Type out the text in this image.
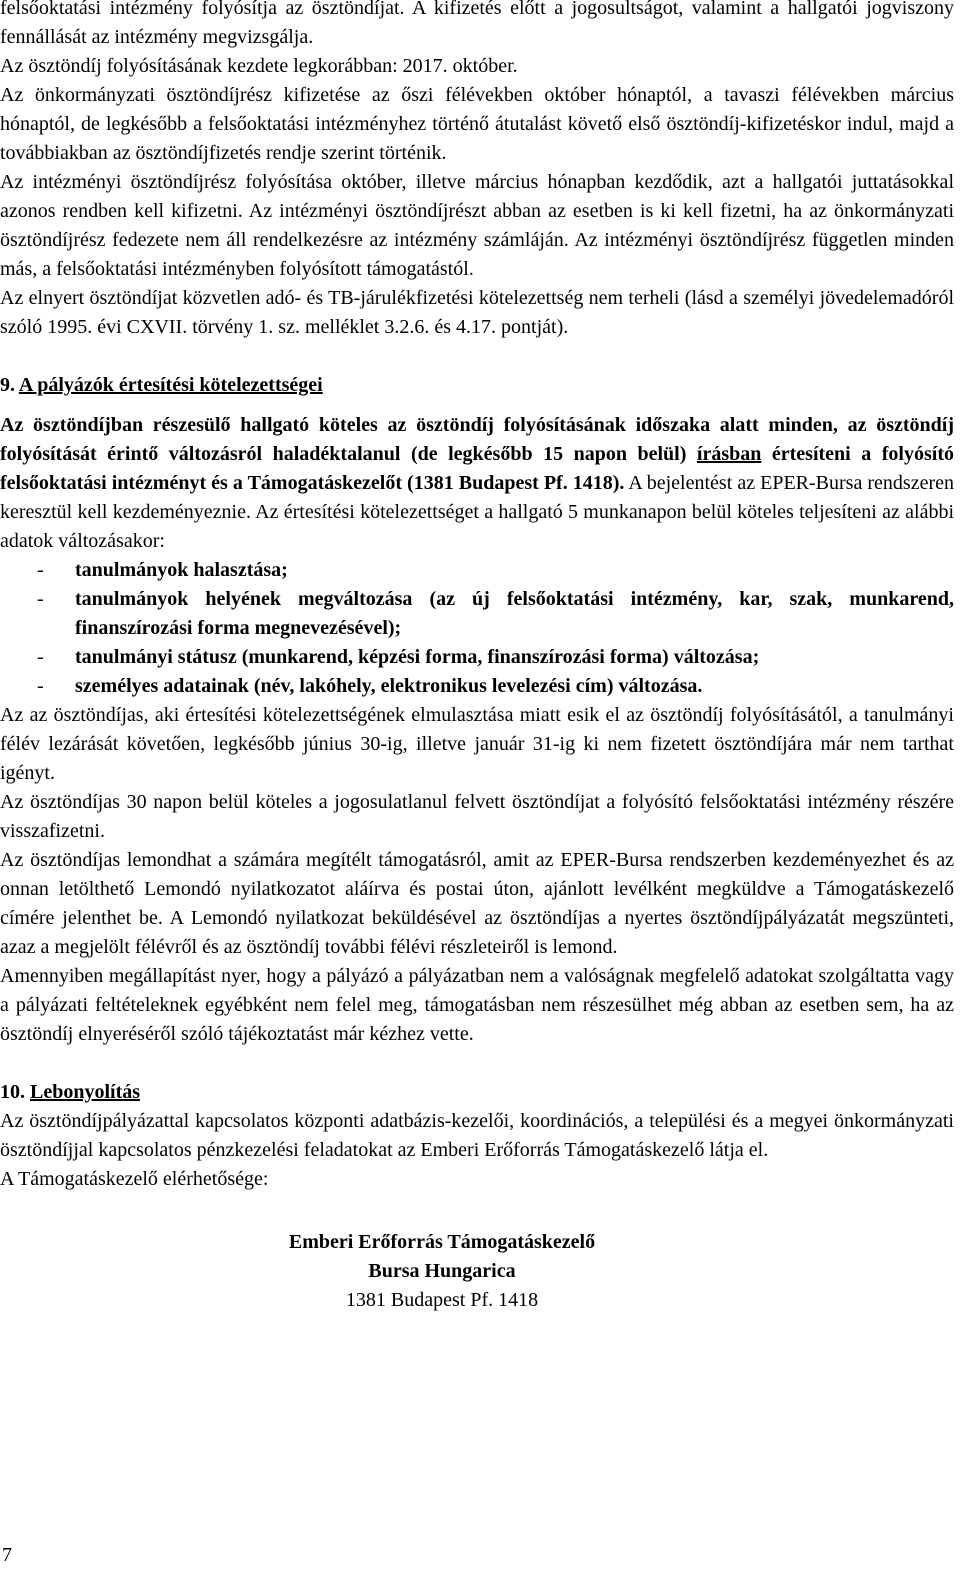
felsőoktatási intézmény folyósítja az ösztöndíjat. A kifizetés előtt a jogosultságot, valamint a hallgatói jogviszony fennállását az intézmény megvizsgálja.

Az ösztöndíj folyósításának kezdete legkorábban: 2017. október.

Az önkormányzati ösztöndíjrész kifizetése az őszi félévekben október hónaptól, a tavaszi félévekben március hónaptól, de legkésőbb a felsőoktatási intézményhez történő átutalást követő első ösztöndíj-kifizetéskor indul, majd a továbbiakban az ösztöndíjfizetés rendje szerint történik.

Az intézményi ösztöndíjrész folyósítása október, illetve március hónapban kezdődik, azt a hallgatói juttatásokkal azonos rendben kell kifizetni. Az intézményi ösztöndíjrészt abban az esetben is ki kell fizetni, ha az önkormányzati ösztöndíjrész fedezete nem áll rendelkezésre az intézmény számláján. Az intézményi ösztöndíjrész független minden más, a felsőoktatási intézményben folyósított támogatástól.

Az elnyert ösztöndíjat közvetlen adó- és TB-járulékfizetési kötelezettség nem terheli (lásd a személyi jövedelemadóról szóló 1995. évi CXVII. törvény 1. sz. melléklet 3.2.6. és 4.17. pontját).

9. A pályázók értesítési kötelezettségei

Az ösztöndíjban részesülő hallgató köteles az ösztöndíj folyósításának időszaka alatt minden, az ösztöndíj folyósítását érintő változásról haladéktalanul (de legkésőbb 15 napon belül) írásban értesíteni a folyósító felsőoktatási intézményt és a Támogatáskezelőt (1381 Budapest Pf. 1418). A bejelentést az EPER-Bursa rendszeren keresztül kell kezdeményeznie. Az értesítési kötelezettséget a hallgató 5 munkanapon belül köteles teljesíteni az alábbi adatok változásakor:

- tanulmányok halasztása;
- tanulmányok helyének megváltozása (az új felsőoktatási intézmény, kar, szak, munkarend, finanszírozási forma megnevezésével);
- tanulmányi státusz (munkarend, képzési forma, finanszírozási forma) változása;
- személyes adatainak (név, lakóhely, elektronikus levelezési cím) változása.

Az az ösztöndíjas, aki értesítési kötelezettségének elmulasztása miatt esik el az ösztöndíj folyósításától, a tanulmányi félév lezárását követően, legkésőbb június 30-ig, illetve január 31-ig ki nem fizetett ösztöndíjára már nem tarthat igényt.

Az ösztöndíjas 30 napon belül köteles a jogosulatlanul felvett ösztöndíjat a folyósító felsőoktatási intézmény részére visszafizetni.

Az ösztöndíjas lemondhat a számára megítélt támogatásról, amit az EPER-Bursa rendszerben kezdeményezhet és az onnan letölthető Lemondó nyilatkozatot aláírva és postai úton, ajánlott levélként megküldve a Támogatáskezelő címére jelenthet be. A Lemondó nyilatkozat beküldésével az ösztöndíjas a nyertes ösztöndíjpályázatát megszünteti, azaz a megjelölt félévről és az ösztöndíj további félévi részleteiről is lemond.

Amennyiben megállapítást nyer, hogy a pályázó a pályázatban nem a valóságnak megfelelő adatokat szolgáltatta vagy a pályázati feltételeknek egyébként nem felel meg, támogatásban nem részesülhet még abban az esetben sem, ha az ösztöndíj elnyeréséről szóló tájékoztatást már kézhez vette.

10. Lebonyolítás

Az ösztöndíjpályázattal kapcsolatos központi adatbázis-kezelői, koordinációs, a települési és a megyei önkormányzati ösztöndíjjal kapcsolatos pénzkezelési feladatokat az Emberi Erőforrás Támogatáskezelő látja el.

A Támogatáskezelő elérhetősége:

Emberi Erőforrás Támogatáskezelő
Bursa Hungarica
1381 Budapest Pf. 1418
7
